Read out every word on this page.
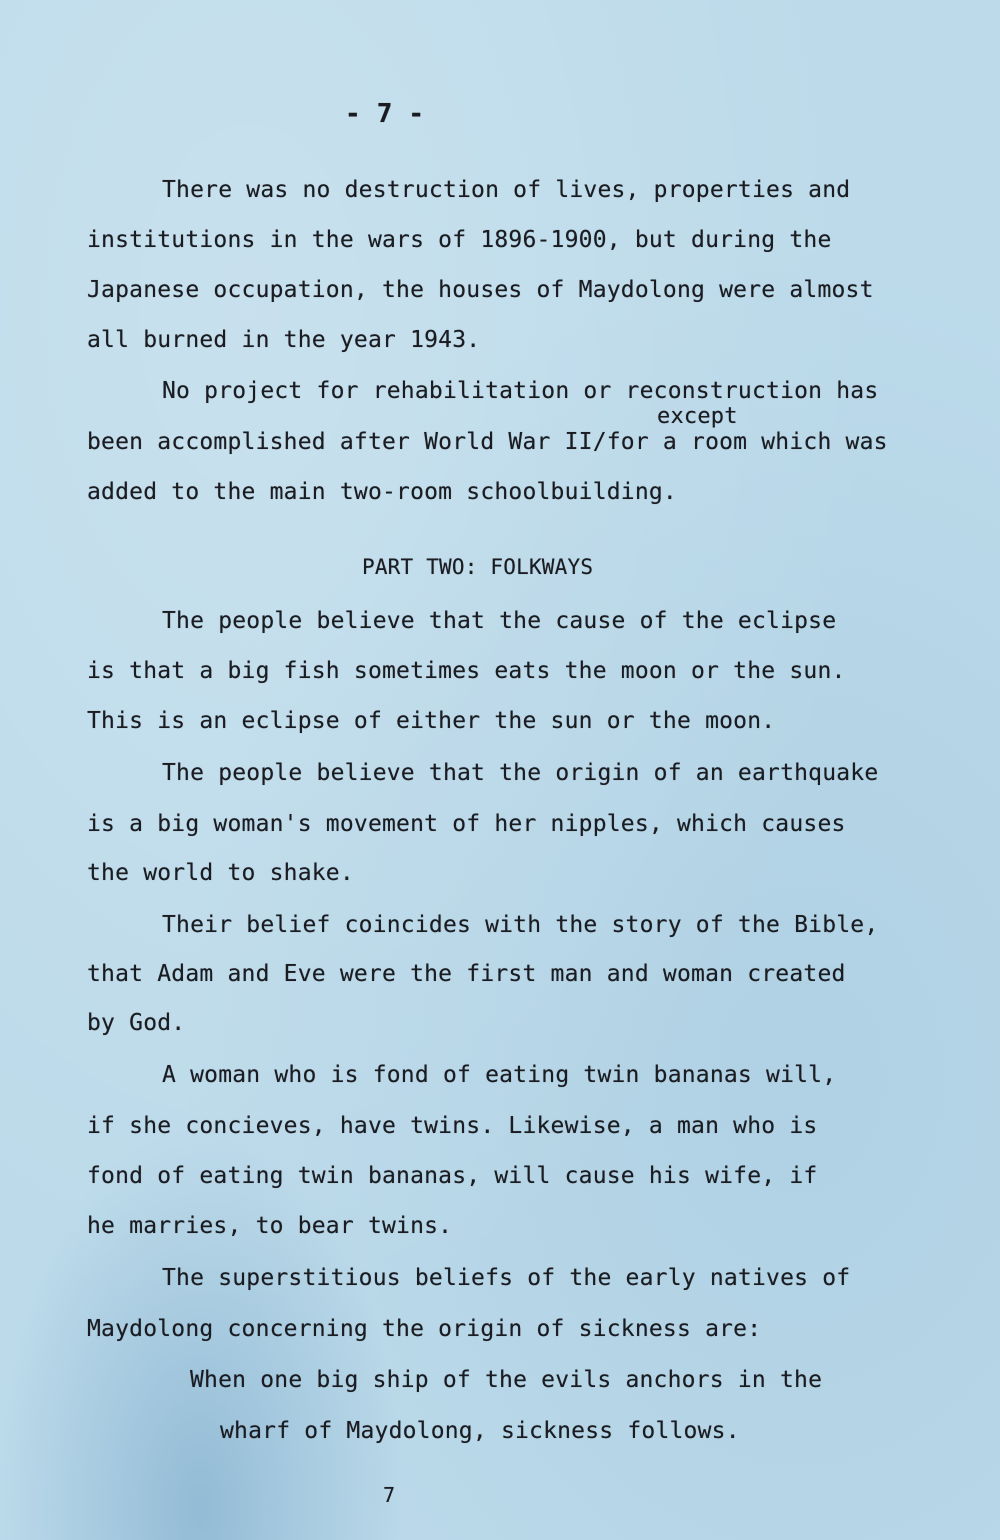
- 7 -
There was no destruction of lives, properties and
institutions in the wars of 1896-1900, but during the
Japanese occupation, the houses of Maydolong were almost
all burned in the year 1943.
No project for rehabilitation or reconstruction has
except
been accomplished after World War II/for a room which was
added to the main two-room schoolbuilding.
PART TWO: FOLKWAYS
The people believe that the cause of the eclipse
is that a big fish sometimes eats the moon or the sun.
This is an eclipse of either the sun or the moon.
The people believe that the origin of an earthquake
is a big woman's movement of her nipples, which causes
the world to shake.
Their belief coincides with the story of the Bible,
that Adam and Eve were the first man and woman created
by God.
A woman who is fond of eating twin bananas will,
if she concieves, have twins. Likewise, a man who is
fond of eating twin bananas, will cause his wife, if
he marries, to bear twins.
The superstitious beliefs of the early natives of
Maydolong concerning the origin of sickness are:
When one big ship of the evils anchors in the
wharf of Maydolong, sickness follows.
7
